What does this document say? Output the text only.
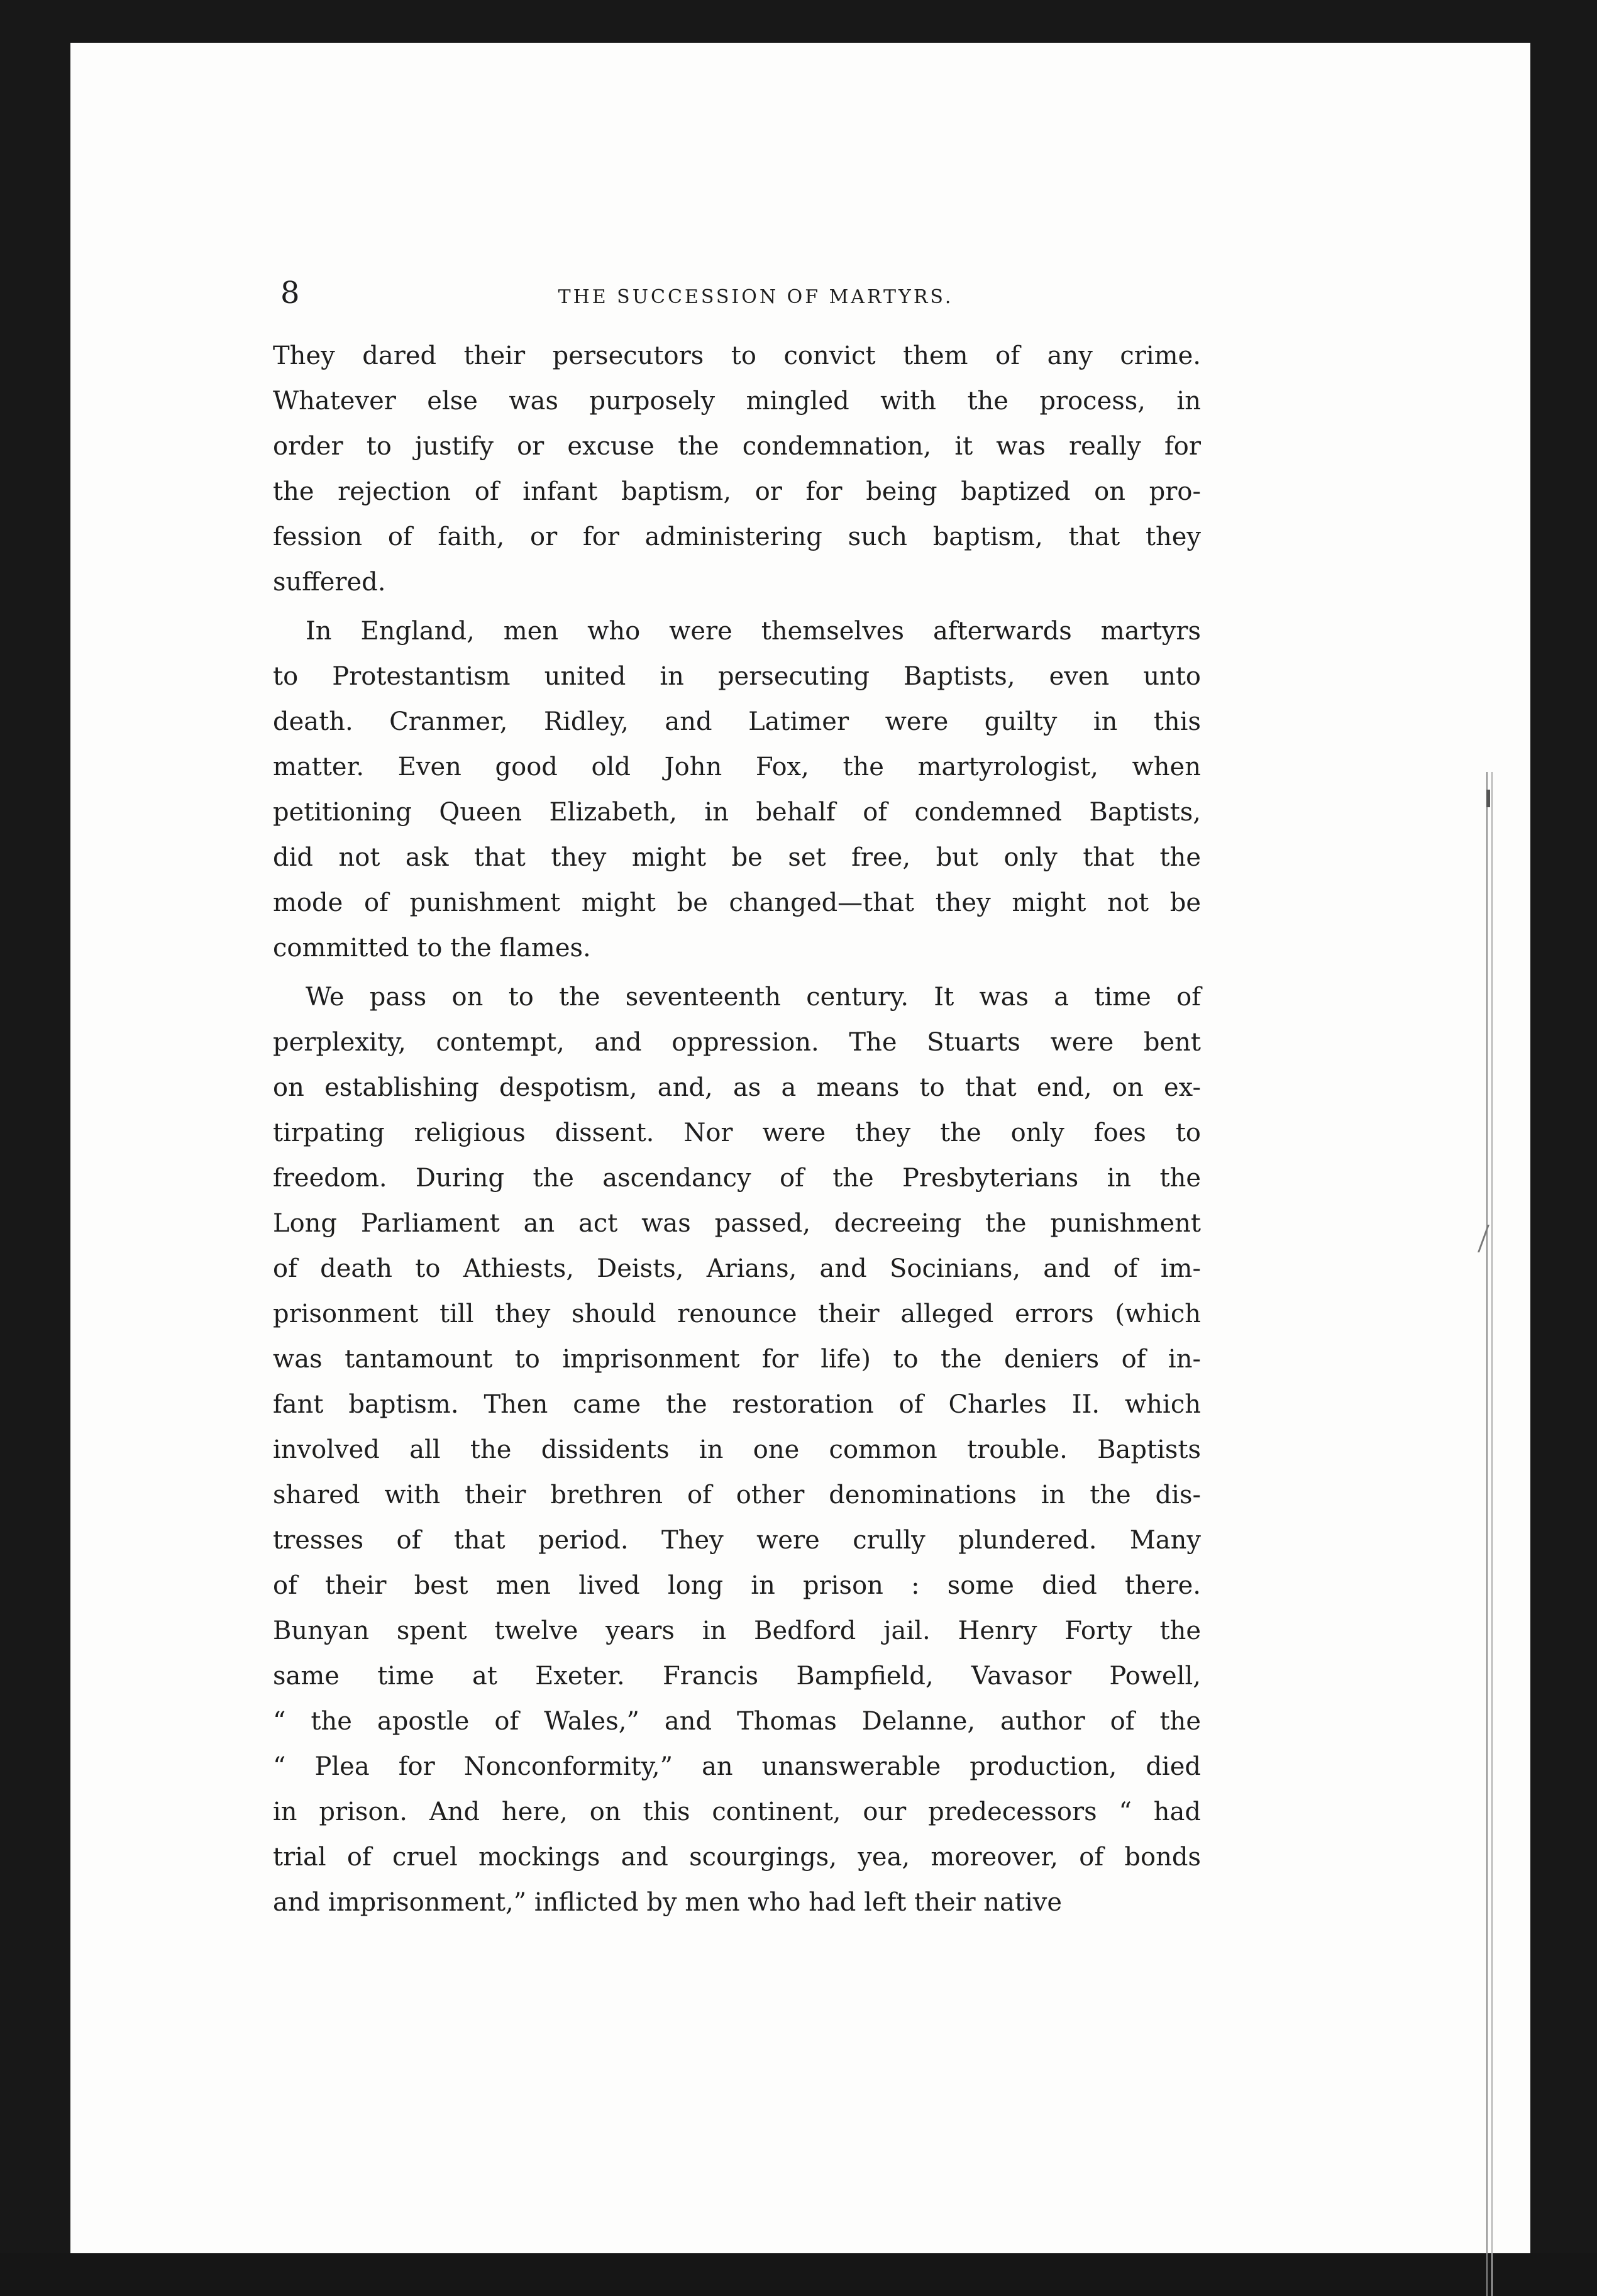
8	THE SUCCESSION OF MARTYRS.

They dared their persecutors to convict them of any crime.
Whatever else was purposely mingled with the process, in
order to justify or excuse the condemnation, it was really for
the rejection of infant baptism, or for being baptized on pro-
fession of faith, or for administering such baptism, that they
suffered.

In England, men who were themselves afterwards martyrs
to Protestantism united in persecuting Baptists, even unto
death. Cranmer, Ridley, and Latimer were guilty in this
matter. Even good old John Fox, the martyrologist, when
petitioning Queen Elizabeth, in behalf of condemned Baptists,
did not ask that they might be set free, but only that the
mode of punishment might be changed—that they might not be
committed to the flames.

We pass on to the seventeenth century. It was a time of
perplexity, contempt, and oppression. The Stuarts were bent
on establishing despotism, and, as a means to that end, on ex-
tirpating religious dissent. Nor were they the only foes to
freedom. During the ascendancy of the Presbyterians in the
Long Parliament an act was passed, decreeing the punishment
of death to Athiests, Deists, Arians, and Socinians, and of im-
prisonment till they should renounce their alleged errors (which
was tantamount to imprisonment for life) to the deniers of in-
fant baptism. Then came the restoration of Charles II. which
involved all the dissidents in one common trouble. Baptists
shared with their brethren of other denominations in the dis-
tresses of that period. They were crully plundered. Many
of their best men lived long in prison : some died there.
Bunyan spent twelve years in Bedford jail. Henry Forty the
same time at Exeter. Francis Bampfield, Vavasor Powell,
“ the apostle of Wales,” and Thomas Delanne, author of the
“ Plea for Nonconformity,” an unanswerable production, died
in prison. And here, on this continent, our predecessors “ had
trial of cruel mockings and scourgings, yea, moreover, of bonds
and imprisonment,” inflicted by men who had left their native
